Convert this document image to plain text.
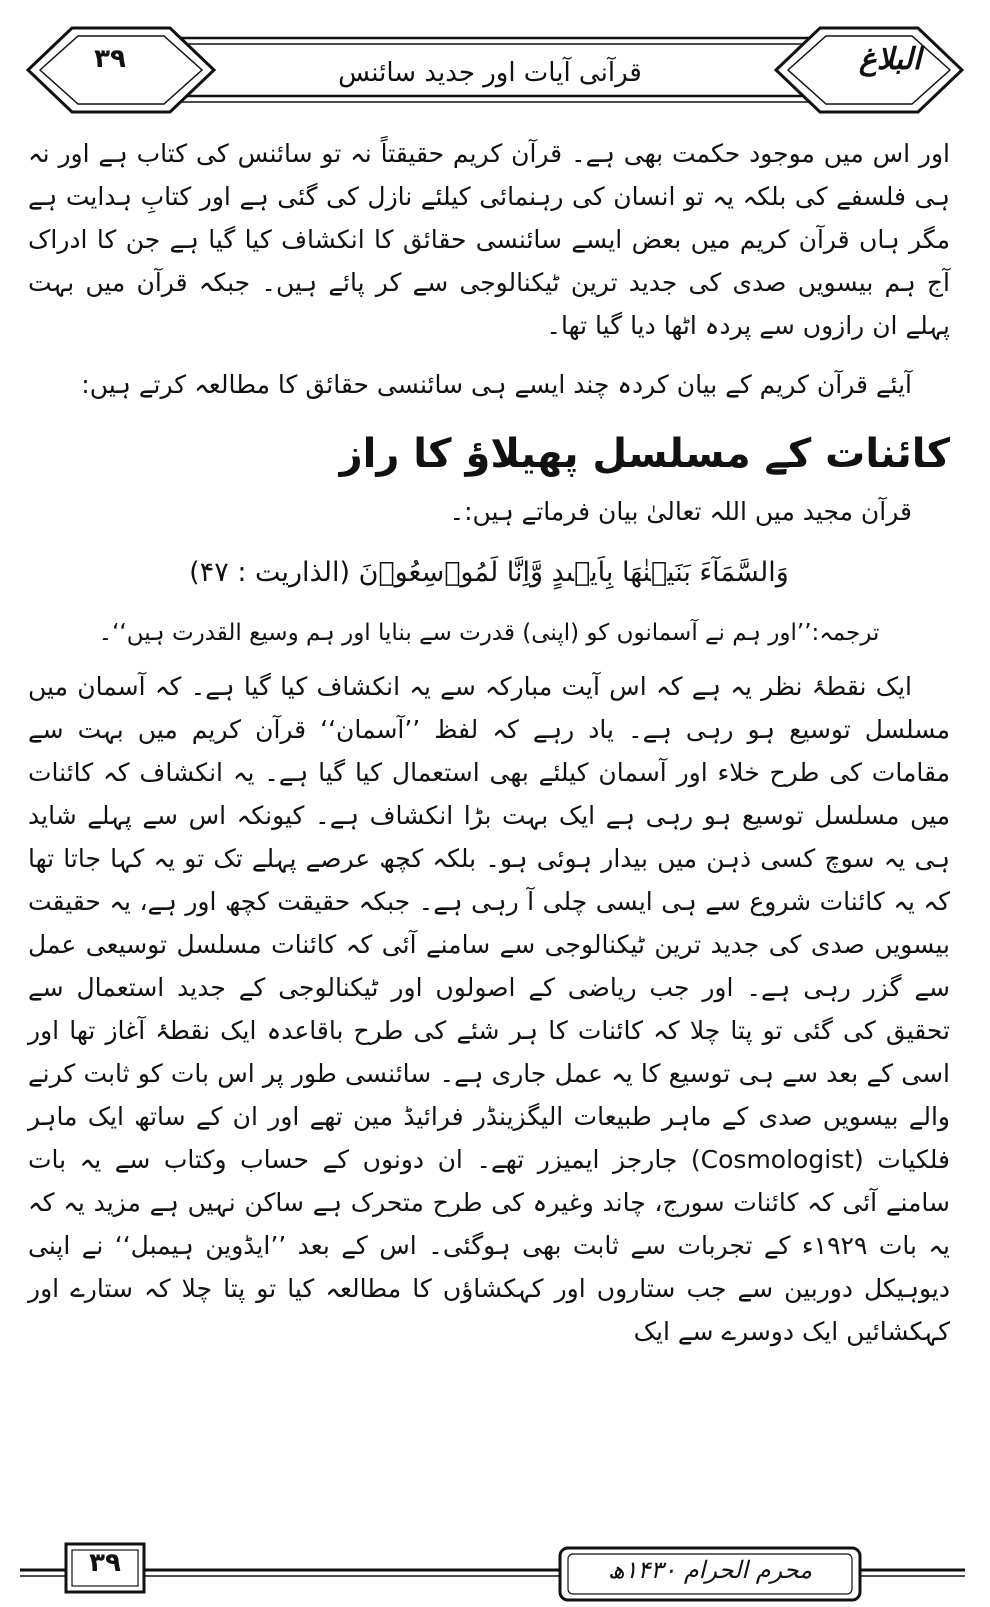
۳۹	قرآنی آیات اور جدید سائنس	البلاغ

اور اس میں موجود حکمت بھی ہے۔ قرآن کریم حقیقتاً نہ تو سائنس کی کتاب ہے اور نہ ہی فلسفے کی بلکہ یہ تو انسان کی رہنمائی کیلئے نازل کی گئی ہے اور کتابِ ہدایت ہے مگر ہاں قرآن کریم میں بعض ایسے سائنسی حقائق کا انکشاف کیا گیا ہے جن کا ادراک آج ہم بیسویں صدی کی جدید ترین ٹیکنالوجی سے کر پائے ہیں۔ جبکہ قرآن میں بہت پہلے ان رازوں سے پردہ اٹھا دیا گیا تھا۔

آیئے قرآن کریم کے بیان کردہ چند ایسے ہی سائنسی حقائق کا مطالعہ کرتے ہیں:

کائنات کے مسلسل پھیلاؤ کا راز

قرآن مجید میں اللہ تعالیٰ بیان فرماتے ہیں:۔

وَالسَّمَآءَ بَنَيۡنٰهَا بِاَيۡٮدٍ وَّاِنَّا لَمُوۡسِعُوۡنَ (الذاریت : ۴۷)

ترجمہ:’’اور ہم نے آسمانوں کو (اپنی) قدرت سے بنایا اور ہم وسیع القدرت ہیں‘‘۔

ایک نقطۂ نظر یہ ہے کہ اس آیت مبارکہ سے یہ انکشاف کیا گیا ہے۔ کہ آسمان میں مسلسل توسیع ہو رہی ہے۔ یاد رہے کہ لفظ ’’آسمان‘‘ قرآن کریم میں بہت سے مقامات کی طرح خلاء اور آسمان کیلئے بھی استعمال کیا گیا ہے۔ یہ انکشاف کہ کائنات میں مسلسل توسیع ہو رہی ہے ایک بہت بڑا انکشاف ہے۔ کیونکہ اس سے پہلے شاید ہی یہ سوچ کسی ذہن میں بیدار ہوئی ہو۔ بلکہ کچھ عرصے پہلے تک تو یہ کہا جاتا تھا کہ یہ کائنات شروع سے ہی ایسی چلی آ رہی ہے۔ جبکہ حقیقت کچھ اور ہے، یہ حقیقت بیسویں صدی کی جدید ترین ٹیکنالوجی سے سامنے آئی کہ کائنات مسلسل توسیعی عمل سے گزر رہی ہے۔ اور جب ریاضی کے اصولوں اور ٹیکنالوجی کے جدید استعمال سے تحقیق کی گئی تو پتا چلا کہ کائنات کا ہر شئے کی طرح باقاعدہ ایک نقطۂ آغاز تھا اور اسی کے بعد سے ہی توسیع کا یہ عمل جاری ہے۔ سائنسی طور پر اس بات کو ثابت کرنے والے بیسویں صدی کے ماہر طبیعات الیگزینڈر فرائیڈ مین تھے اور ان کے ساتھ ایک ماہر فلکیات (Cosmologist) جارجز ایمیزر تھے۔ ان دونوں کے حساب وکتاب سے یہ بات سامنے آئی کہ کائنات سورج، چاند وغیرہ کی طرح متحرک ہے ساکن نہیں ہے مزید یہ کہ یہ بات ۱۹۲۹ء کے تجربات سے ثابت بھی ہوگئی۔ اس کے بعد ’’ایڈوین ہیمبل‘‘ نے اپنی دیوہیکل دوربین سے جب ستاروں اور کہکشاؤں کا مطالعہ کیا تو پتا چلا کہ ستارے اور کہکشائیں ایک دوسرے سے ایک

۳۹	محرم الحرام ۱۴۳۰ھ
